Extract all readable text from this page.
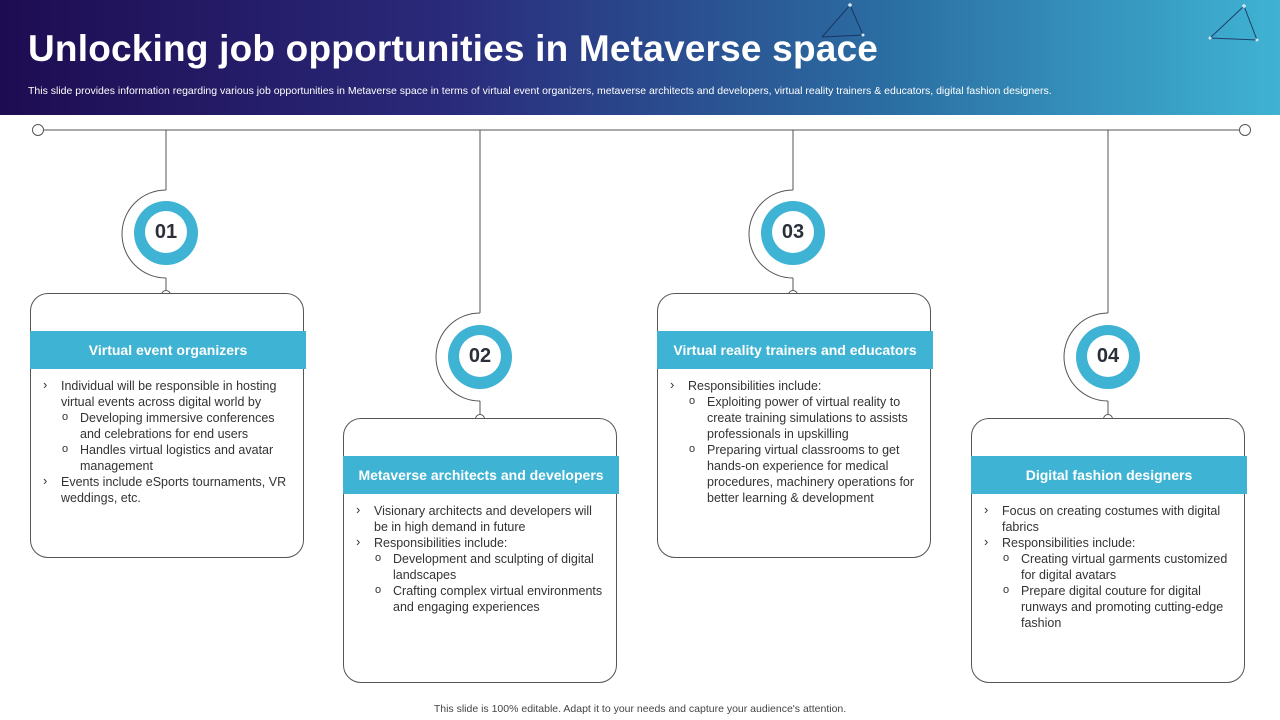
Unlocking job opportunities in Metaverse space
This slide provides information regarding various job opportunities in Metaverse space in terms of virtual event organizers, metaverse architects and developers, virtual reality trainers & educators, digital fashion designers.
01
02
03
04
Virtual event organizers
› Individual will be responsible in hosting virtual events across digital world by
o Developing immersive conferences and celebrations for end users
o Handles virtual logistics and avatar management
› Events include eSports tournaments, VR weddings, etc.
Metaverse architects and developers
› Visionary architects and developers will be in high demand in future
› Responsibilities include:
o Development and sculpting of digital landscapes
o Crafting complex virtual environments and engaging experiences
Virtual reality trainers and educators
› Responsibilities include:
o Exploiting power of virtual reality to create training simulations to assists professionals in upskilling
o Preparing virtual classrooms to get hands-on experience for medical procedures, machinery operations for better learning & development
Digital fashion designers
› Focus on creating costumes with digital fabrics
› Responsibilities include:
o Creating virtual garments customized for digital avatars
o Prepare digital couture for digital runways and promoting cutting-edge fashion
This slide is 100% editable. Adapt it to your needs and capture your audience's attention.
